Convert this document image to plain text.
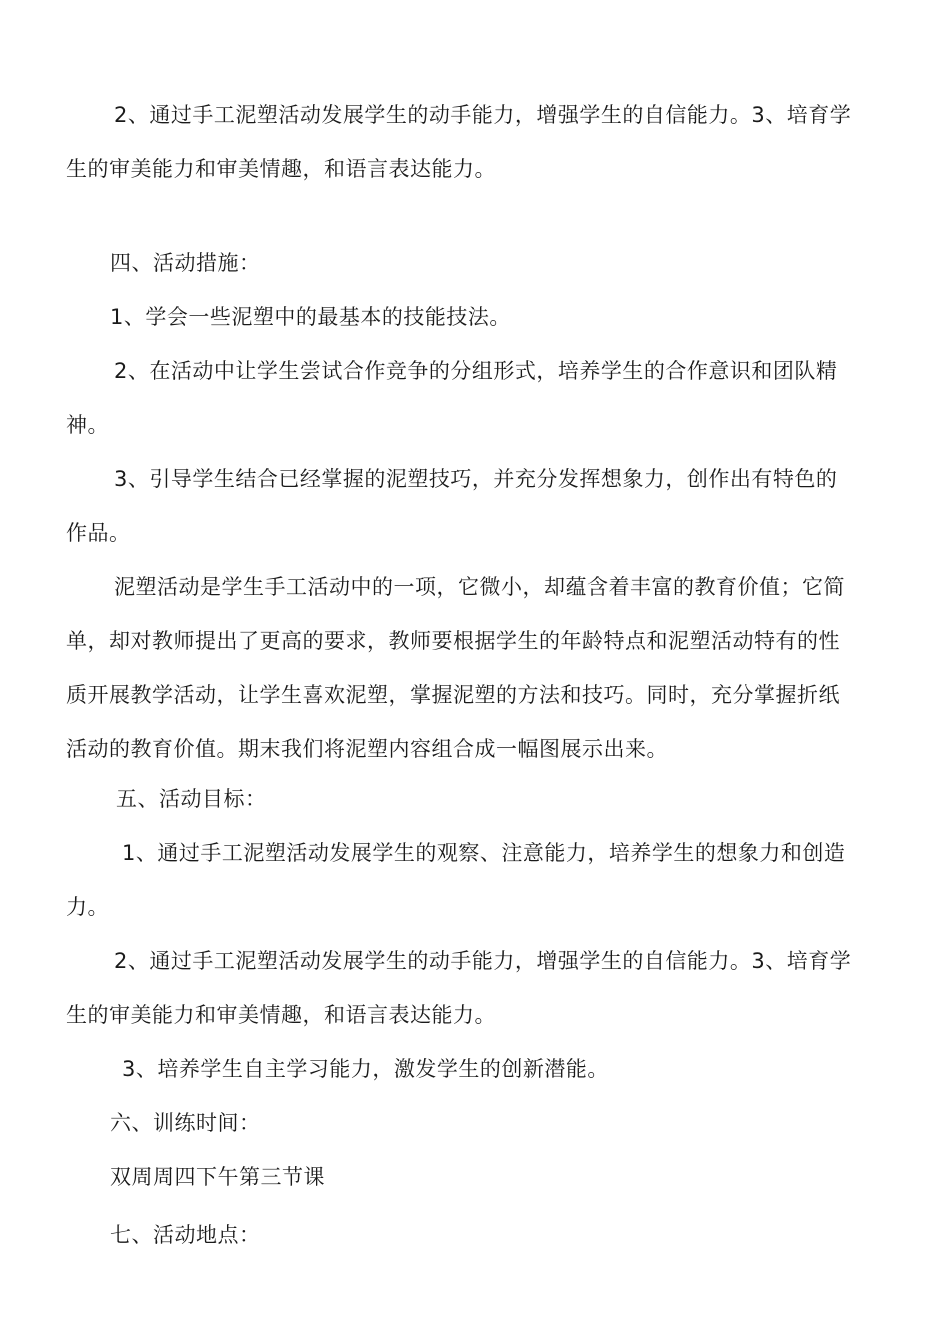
2、通过手工泥塑活动发展学生的动手能力，增强学生的自信能力。3、培育学
生的审美能力和审美情趣，和语言表达能力。
四、活动措施：
1、学会一些泥塑中的最基本的技能技法。
2、在活动中让学生尝试合作竞争的分组形式，培养学生的合作意识和团队精
神。
3、引导学生结合已经掌握的泥塑技巧，并充分发挥想象力，创作出有特色的
作品。
泥塑活动是学生手工活动中的一项，它微小，却蕴含着丰富的教育价值；它简
单，却对教师提出了更高的要求，教师要根据学生的年龄特点和泥塑活动特有的性
质开展教学活动，让学生喜欢泥塑，掌握泥塑的方法和技巧。同时，充分掌握折纸
活动的教育价值。期末我们将泥塑内容组合成一幅图展示出来。
五、活动目标：
1、通过手工泥塑活动发展学生的观察、注意能力，培养学生的想象力和创造
力。
2、通过手工泥塑活动发展学生的动手能力，增强学生的自信能力。3、培育学
生的审美能力和审美情趣，和语言表达能力。
3、培养学生自主学习能力，激发学生的创新潜能。
六、训练时间：
双周周四下午第三节课
七、活动地点：
